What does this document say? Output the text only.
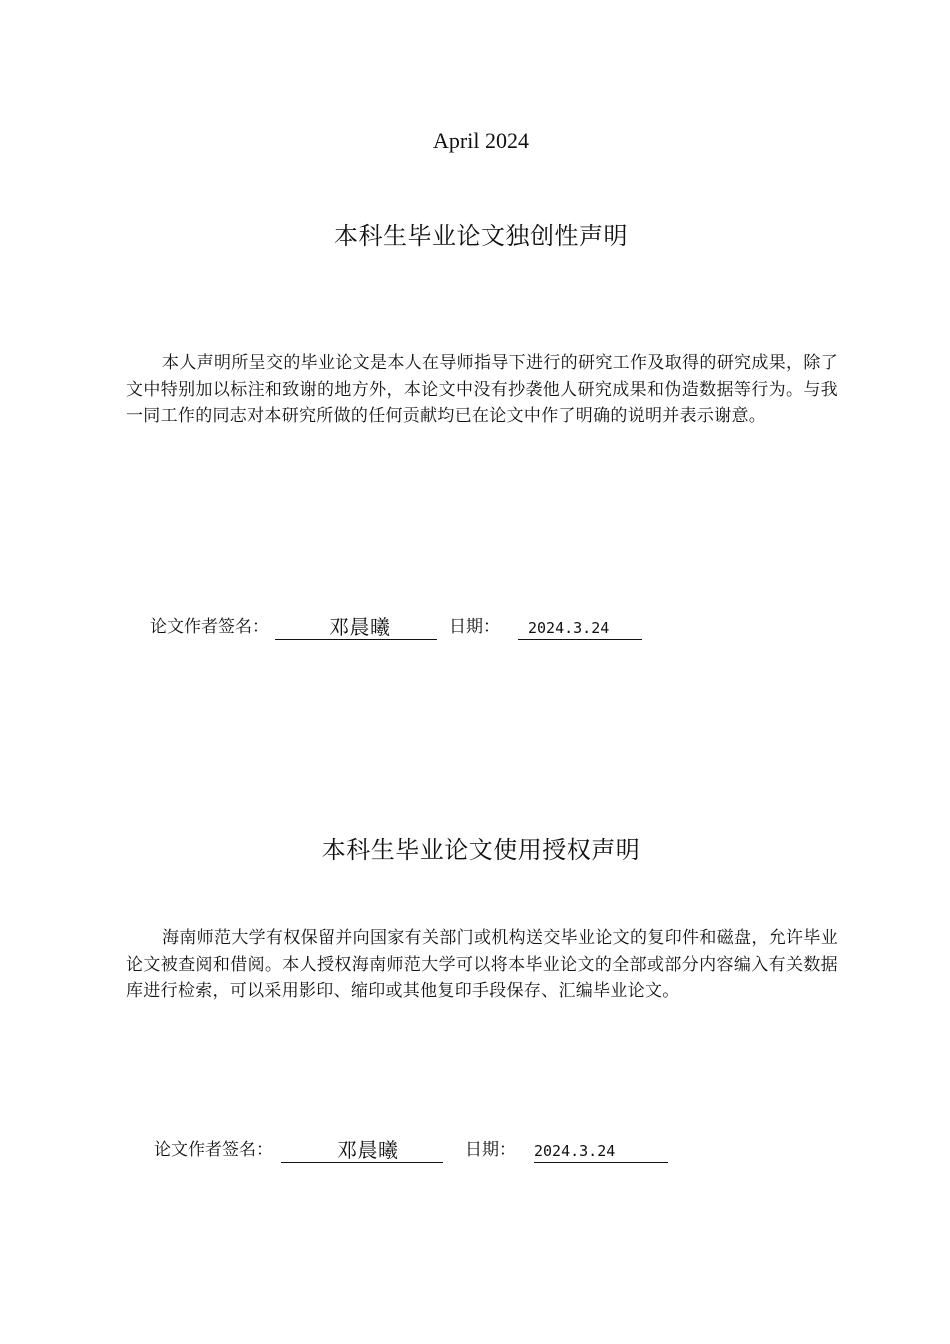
April 2024
本科生毕业论文独创性声明
本人声明所呈交的毕业论文是本人在导师指导下进行的研究工作及取得的研究成果，除了文中特别加以标注和致谢的地方外，本论文中没有抄袭他人研究成果和伪造数据等行为。与我一同工作的同志对本研究所做的任何贡献均已在论文中作了明确的说明并表示谢意。
论文作者签名：	邓晨曦	日期：	2024.3.24
本科生毕业论文使用授权声明
海南师范大学有权保留并向国家有关部门或机构送交毕业论文的复印件和磁盘，允许毕业论文被查阅和借阅。本人授权海南师范大学可以将本毕业论文的全部或部分内容编入有关数据库进行检索，可以采用影印、缩印或其他复印手段保存、汇编毕业论文。
论文作者签名：	邓晨曦	日期： 2024.3.24
